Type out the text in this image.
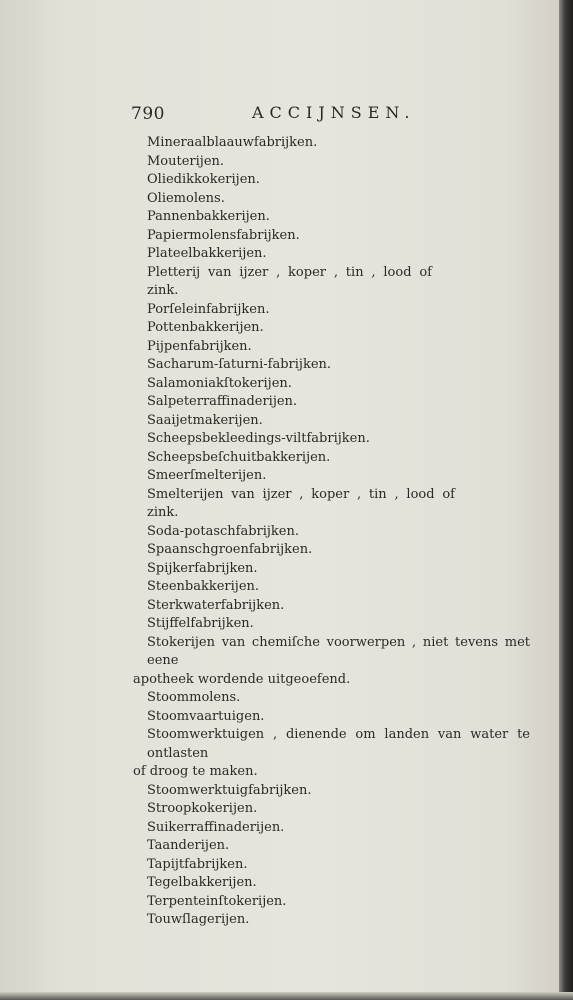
790	ACCIJNSEN.
Mineraalblaauwfabrijken.
Mouterijen.
Oliedikkokerijen.
Oliemolens.
Pannenbakkerijen.
Papiermolensfabrijken.
Plateelbakkerijen.
Pletterij van ijzer , koper , tin , lood of zink.
Porſeleinfabrijken.
Pottenbakkerijen.
Pijpenfabrijken.
Sacharum-ſaturni-fabrijken.
Salamoniakſtokerijen.
Salpeterraffinaderijen.
Saaijetmakerijen.
Scheepsbekleedings-viltfabrijken.
Scheepsbeſchuitbakkerijen.
Smeerſmelterijen.
Smelterijen van ijzer , koper , tin , lood of zink.
Soda-potaschfabrijken.
Spaanschgroenfabrijken.
Spijkerfabrijken.
Steenbakkerijen.
Sterkwaterfabrijken.
Stijffelfabrijken.
Stokerijen van chemiſche voorwerpen , niet tevens met eene
apotheek wordende uitgeoefend.
Stoommolens.
Stoomvaartuigen.
Stoomwerktuigen , dienende om landen van water te ontlasten
of droog te maken.
Stoomwerktuigfabrijken.
Stroopkokerijen.
Suikerraffinaderijen.
Taanderijen.
Tapijtfabrijken.
Tegelbakkerijen.
Terpenteinſtokerijen.
Touwſlagerijen.
